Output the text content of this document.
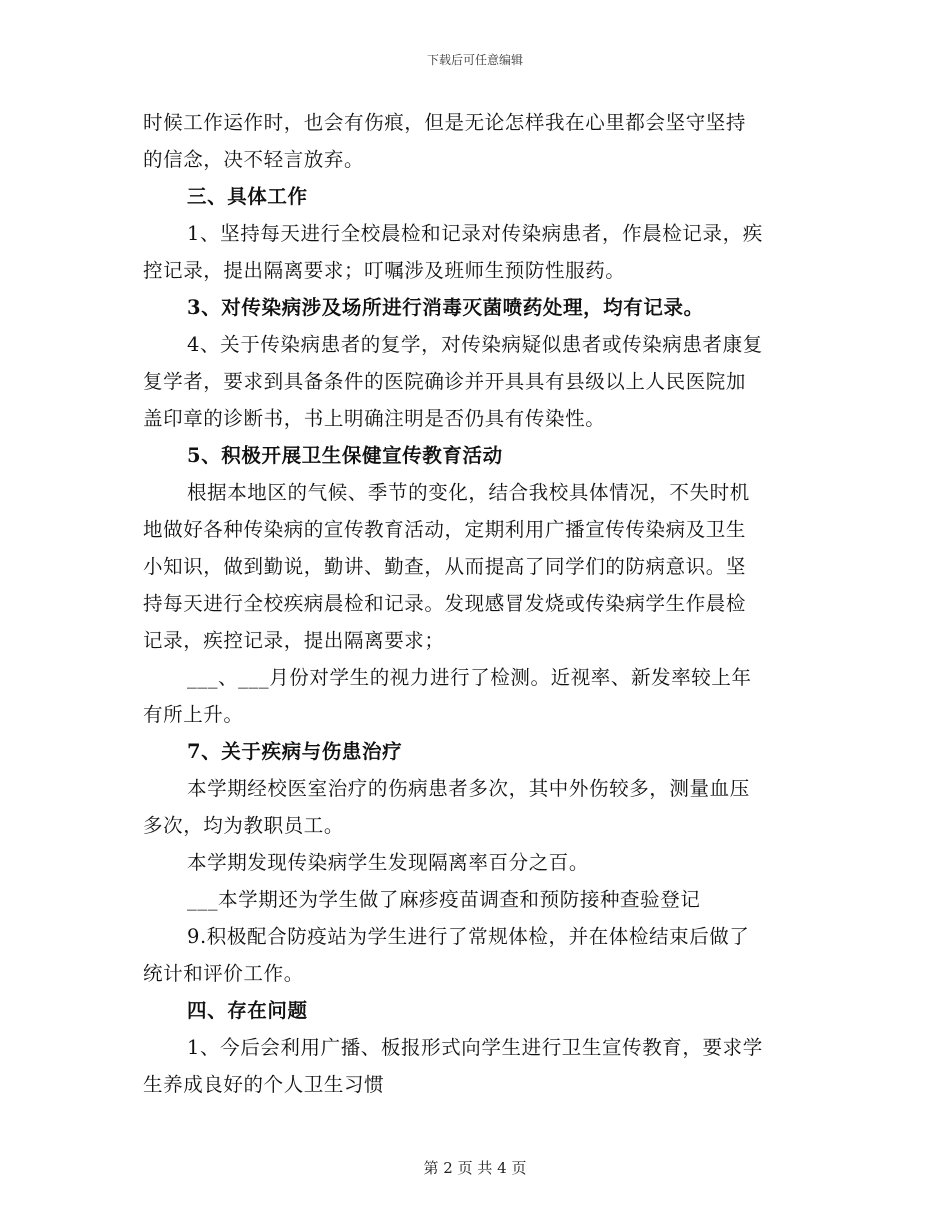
下载后可任意编辑
时候工作运作时，也会有伤痕，但是无论怎样我在心里都会坚守坚持
的信念，决不轻言放弃。
三、具体工作
1、坚持每天进行全校晨检和记录对传染病患者，作晨检记录，疾
控记录，提出隔离要求；叮嘱涉及班师生预防性服药。
3、对传染病涉及场所进行消毒灭菌喷药处理，均有记录。
4、关于传染病患者的复学，对传染病疑似患者或传染病患者康复
复学者，要求到具备条件的医院确诊并开具具有县级以上人民医院加
盖印章的诊断书，书上明确注明是否仍具有传染性。
5、积极开展卫生保健宣传教育活动
根据本地区的气候、季节的变化，结合我校具体情况，不失时机
地做好各种传染病的宣传教育活动，定期利用广播宣传传染病及卫生
小知识，做到勤说，勤讲、勤查，从而提高了同学们的防病意识。坚
持每天进行全校疾病晨检和记录。发现感冒发烧或传染病学生作晨检
记录，疾控记录，提出隔离要求；
___、___月份对学生的视力进行了检测。近视率、新发率较上年
有所上升。
7、关于疾病与伤患治疗
本学期经校医室治疗的伤病患者多次，其中外伤较多，测量血压
多次，均为教职员工。
本学期发现传染病学生发现隔离率百分之百。
___本学期还为学生做了麻疹疫苗调查和预防接种查验登记
9.积极配合防疫站为学生进行了常规体检，并在体检结束后做了
统计和评价工作。
四、存在问题
1、今后会利用广播、板报形式向学生进行卫生宣传教育，要求学
生养成良好的个人卫生习惯
第 2 页 共 4 页
